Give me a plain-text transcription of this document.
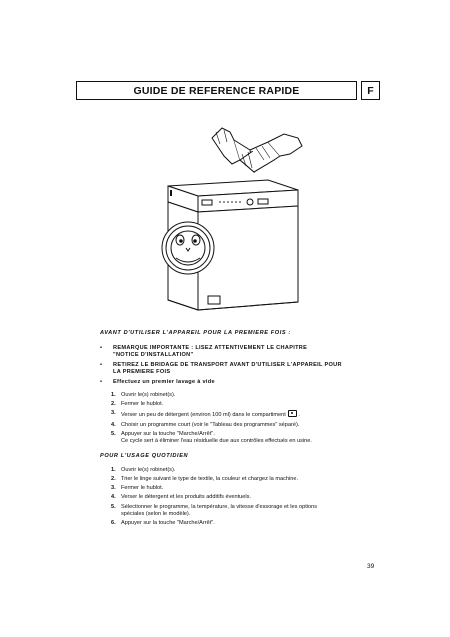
GUIDE DE REFERENCE RAPIDE	F
AVANT D'UTILISER L'APPAREIL POUR LA PREMIERE FOIS :
• REMARQUE IMPORTANTE : LISEZ ATTENTIVEMENT LE CHAPITRE
"NOTICE D'INSTALLATION"
• RETIREZ LE BRIDAGE DE TRANSPORT AVANT D'UTILISER L'APPAREIL POUR
LA PREMIERE FOIS
• Effectuez un premier lavage à vide
1. Ouvrir le(s) robinet(s).
2. Fermer le hublot.
3. Verser un peu de détergent (environ 100 ml) dans le compartiment .
4. Choisir un programme court (voir le "Tableau des programmes" séparé).
5. Appuyer sur la touche "Marche/Arrêt".
Ce cycle sert à éliminer l'eau résiduelle due aux contrôles effectués en usine.
POUR L'USAGE QUOTIDIEN
1. Ouvrir le(s) robinet(s).
2. Trier le linge suivant le type de textile, la couleur et chargez la machine.
3. Fermer le hublot.
4. Verser le détergent et les produits additifs éventuels.
5. Sélectionner le programme, la température, la vitesse d'essorage et les options
spéciales (selon le modèle).
6. Appuyer sur la touche "Marche/Arrêt".
39
